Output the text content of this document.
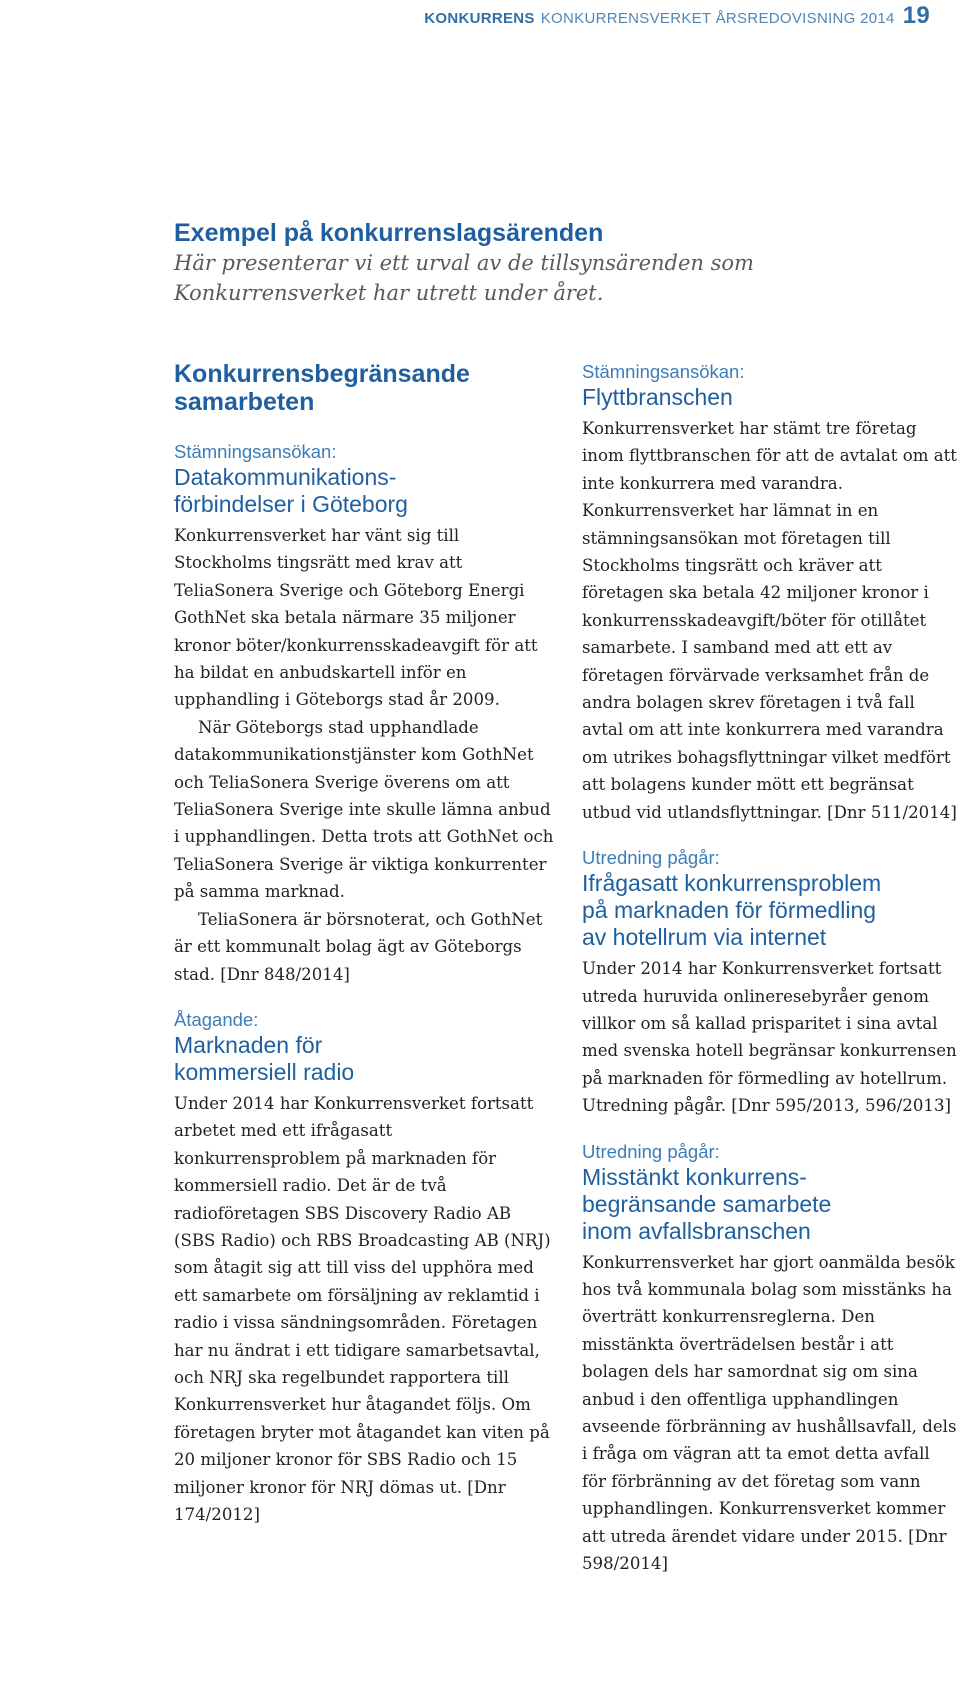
KONKURRENS KONKURRENSVERKET ÅRSREDOVISNING 2014 19
Exempel på konkurrenslagsärenden

Här presenterar vi ett urval av de tillsynsärenden som Konkurrensverket har utrett under året.

Konkurrensbegränsande samarbeten

Stämningsansökan:

Datakommunikations-
förbindelser i Göteborg

Konkurrensverket har vänt sig till Stockholms tingsrätt med krav att TeliaSonera Sverige och Göteborg Energi GothNet ska betala närmare 35 miljoner kronor böter/konkurrensskadeavgift för att ha bildat en anbudskartell inför en upphandling i Göteborgs stad år 2009.

När Göteborgs stad upphandlade datakommunikationstjänster kom GothNet och TeliaSonera Sverige överens om att TeliaSonera Sverige inte skulle lämna anbud i upphandlingen. Detta trots att GothNet och TeliaSonera Sverige är viktiga konkurrenter på samma marknad.

TeliaSonera är börsnoterat, och GothNet är ett kommunalt bolag ägt av Göteborgs stad. [Dnr 848/2014]

Åtagande:

Marknaden för
kommersiell radio

Under 2014 har Konkurrensverket fortsatt arbetet med ett ifrågasatt konkurrensproblem på marknaden för kommersiell radio. Det är de två radioföretagen SBS Discovery Radio AB (SBS Radio) och RBS Broadcasting AB (NRJ) som åtagit sig att till viss del upphöra med ett samarbete om försäljning av reklamtid i radio i vissa sändningsområden. Företagen har nu ändrat i ett tidigare samarbetsavtal, och NRJ ska regelbundet rapportera till Konkurrensverket hur åtagandet följs. Om företagen bryter mot åtagandet kan viten på 20 miljoner kronor för SBS Radio och 15 miljoner kronor för NRJ dömas ut. [Dnr 174/2012]

Stämningsansökan:

Flyttbranschen

Konkurrensverket har stämt tre företag inom flyttbranschen för att de avtalat om att inte konkurrera med varandra. Konkurrensverket har lämnat in en stämningsansökan mot företagen till Stockholms tingsrätt och kräver att företagen ska betala 42 miljoner kronor i konkurrensskadeavgift/böter för otillåtet samarbete. I samband med att ett av företagen förvärvade verksamhet från de andra bolagen skrev företagen i två fall avtal om att inte konkurrera med varandra om utrikes bohagsflyttningar vilket medfört att bolagens kunder mött ett begränsat utbud vid utlandsflyttningar. [Dnr 511/2014]

Utredning pågår:

Ifrågasatt konkurrensproblem
på marknaden för förmedling
av hotellrum via internet

Under 2014 har Konkurrensverket fortsatt utreda huruvida onlineresebyråer genom villkor om så kallad prisparitet i sina avtal med svenska hotell begränsar konkurrensen på marknaden för förmedling av hotellrum. Utredning pågår. [Dnr 595/2013, 596/2013]

Utredning pågår:

Misstänkt konkurrens-
begränsande samarbete
inom avfallsbranschen

Konkurrensverket har gjort oanmälda besök hos två kommunala bolag som misstänks ha överträtt konkurrensreglerna. Den misstänkta överträdelsen består i att bolagen dels har samordnat sig om sina anbud i den offentliga upphandlingen avseende förbränning av hushållsavfall, dels i fråga om vägran att ta emot detta avfall för förbränning av det företag som vann upphandlingen. Konkurrensverket kommer att utreda ärendet vidare under 2015. [Dnr 598/2014]
